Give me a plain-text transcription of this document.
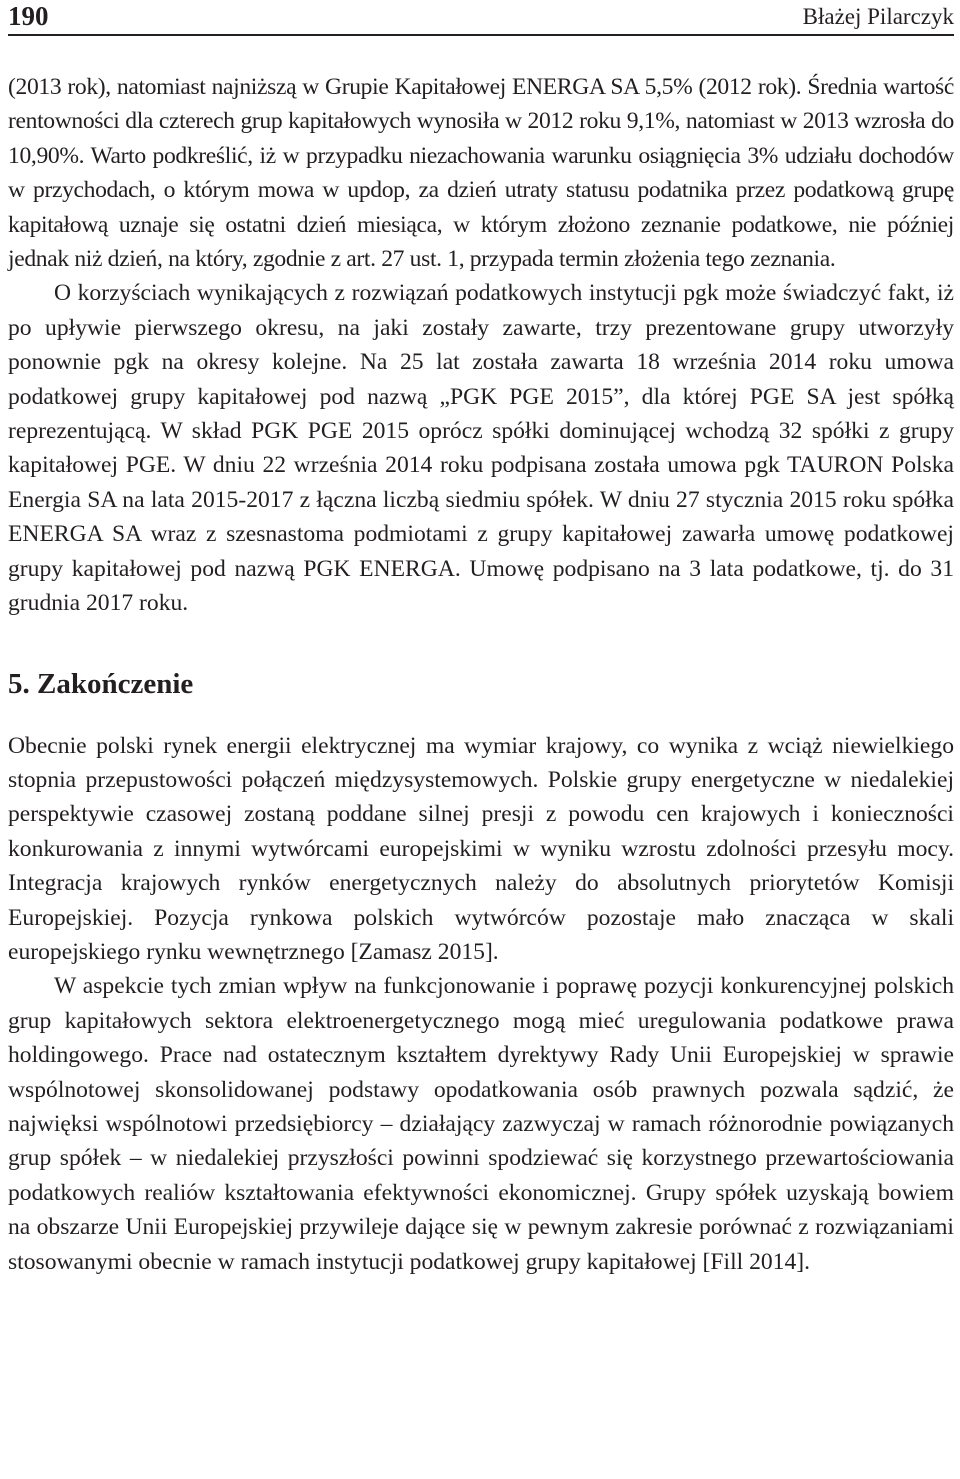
190	Błażej Pilarczyk

(2013 rok), natomiast najniższą w Grupie Kapitałowej ENERGA SA 5,5% (2012 rok). Średnia wartość rentowności dla czterech grup kapitałowych wynosiła w 2012 roku 9,1%, natomiast w 2013 wzrosła do 10,90%. Warto podkreślić, iż w przypadku niezachowania warunku osiągnięcia 3% udziału dochodów w przychodach, o którym mowa w updop, za dzień utraty statusu podatnika przez podatkową grupę kapitałową uznaje się ostatni dzień miesiąca, w którym złożono zeznanie podatkowe, nie później jednak niż dzień, na który, zgodnie z art. 27 ust. 1, przypada termin złożenia tego zeznania.

O korzyściach wynikających z rozwiązań podatkowych instytucji pgk może świadczyć fakt, iż po upływie pierwszego okresu, na jaki zostały zawarte, trzy prezentowane grupy utworzyły ponownie pgk na okresy kolejne. Na 25 lat została zawarta 18 września 2014 roku umowa podatkowej grupy kapitałowej pod nazwą „PGK PGE 2015”, dla której PGE SA jest spółką reprezentującą. W skład PGK PGE 2015 oprócz spółki dominującej wchodzą 32 spółki z grupy kapitałowej PGE. W dniu 22 września 2014 roku podpisana została umowa pgk TAURON Polska Energia SA na lata 2015-2017 z łączna liczbą siedmiu spółek. W dniu 27 stycznia 2015 roku spółka ENERGA SA wraz z szesnastoma podmiotami z grupy kapitałowej zawarła umowę podatkowej grupy kapitałowej pod nazwą PGK ENERGA. Umowę podpisano na 3 lata podatkowe, tj. do 31 grudnia 2017 roku.

5. Zakończenie

Obecnie polski rynek energii elektrycznej ma wymiar krajowy, co wynika z wciąż niewielkiego stopnia przepustowości połączeń międzysystemowych. Polskie grupy energetyczne w niedalekiej perspektywie czasowej zostaną poddane silnej presji z powodu cen krajowych i konieczności konkurowania z innymi wytwórcami europejskimi w wyniku wzrostu zdolności przesyłu mocy. Integracja krajowych rynków energetycznych należy do absolutnych priorytetów Komisji Europejskiej. Pozycja rynkowa polskich wytwórców pozostaje mało znacząca w skali europejskiego rynku wewnętrznego [Zamasz 2015].

W aspekcie tych zmian wpływ na funkcjonowanie i poprawę pozycji konkurencyjnej polskich grup kapitałowych sektora elektroenergetycznego mogą mieć uregulowania podatkowe prawa holdingowego. Prace nad ostatecznym kształtem dyrektywy Rady Unii Europejskiej w sprawie wspólnotowej skonsolidowanej podstawy opodatkowania osób prawnych pozwala sądzić, że najwięksi wspólnotowi przedsiębiorcy – działający zazwyczaj w ramach różnorodnie powiązanych grup spółek – w niedalekiej przyszłości powinni spodziewać się korzystnego przewartościowania podatkowych realiów kształtowania efektywności ekonomicznej. Grupy spółek uzyskają bowiem na obszarze Unii Europejskiej przywileje dające się w pewnym zakresie porównać z rozwiązaniami stosowanymi obecnie w ramach instytucji podatkowej grupy kapitałowej [Fill 2014].
